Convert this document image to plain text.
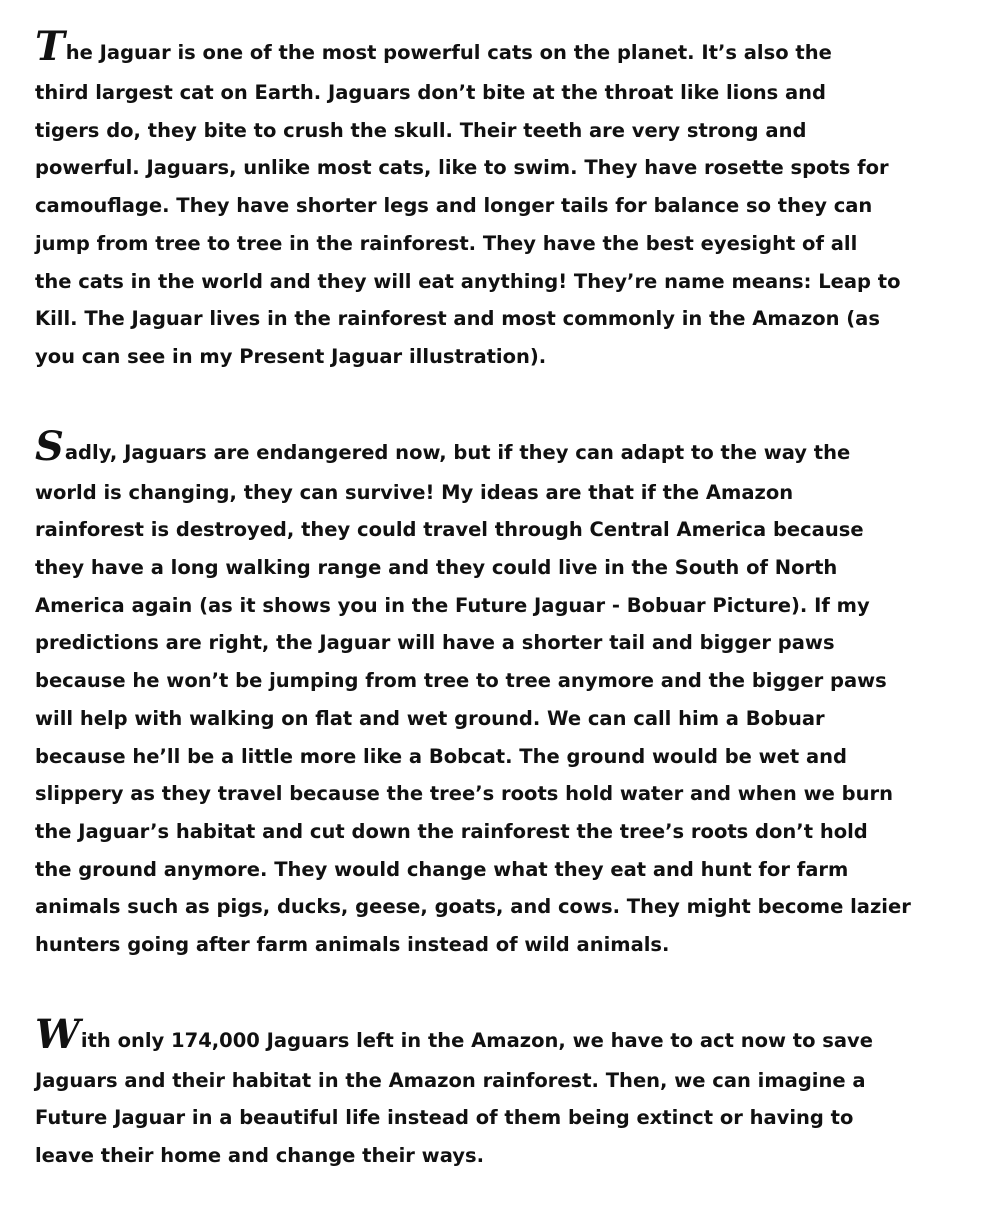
The Jaguar is one of the most powerful cats on the planet. It’s also the
third largest cat on Earth. Jaguars don’t bite at the throat like lions and
tigers do, they bite to crush the skull. Their teeth are very strong and
powerful. Jaguars, unlike most cats, like to swim. They have rosette spots for
camouflage. They have shorter legs and longer tails for balance so they can
jump from tree to tree in the rainforest. They have the best eyesight of all
the cats in the world and they will eat anything! They’re name means: Leap to
Kill. The Jaguar lives in the rainforest and most commonly in the Amazon (as
you can see in my Present Jaguar illustration).

Sadly, Jaguars are endangered now, but if they can adapt to the way the
world is changing, they can survive! My ideas are that if the Amazon
rainforest is destroyed, they could travel through Central America because
they have a long walking range and they could live in the South of North
America again (as it shows you in the Future Jaguar - Bobuar Picture). If my
predictions are right, the Jaguar will have a shorter tail and bigger paws
because he won’t be jumping from tree to tree anymore and the bigger paws
will help with walking on flat and wet ground. We can call him a Bobuar
because he’ll be a little more like a Bobcat. The ground would be wet and
slippery as they travel because the tree’s roots hold water and when we burn
the Jaguar’s habitat and cut down the rainforest the tree’s roots don’t hold
the ground anymore. They would change what they eat and hunt for farm
animals such as pigs, ducks, geese, goats, and cows. They might become lazier
hunters going after farm animals instead of wild animals.

With only 174,000 Jaguars left in the Amazon, we have to act now to save
Jaguars and their habitat in the Amazon rainforest. Then, we can imagine a
Future Jaguar in a beautiful life instead of them being extinct or having to
leave their home and change their ways.
